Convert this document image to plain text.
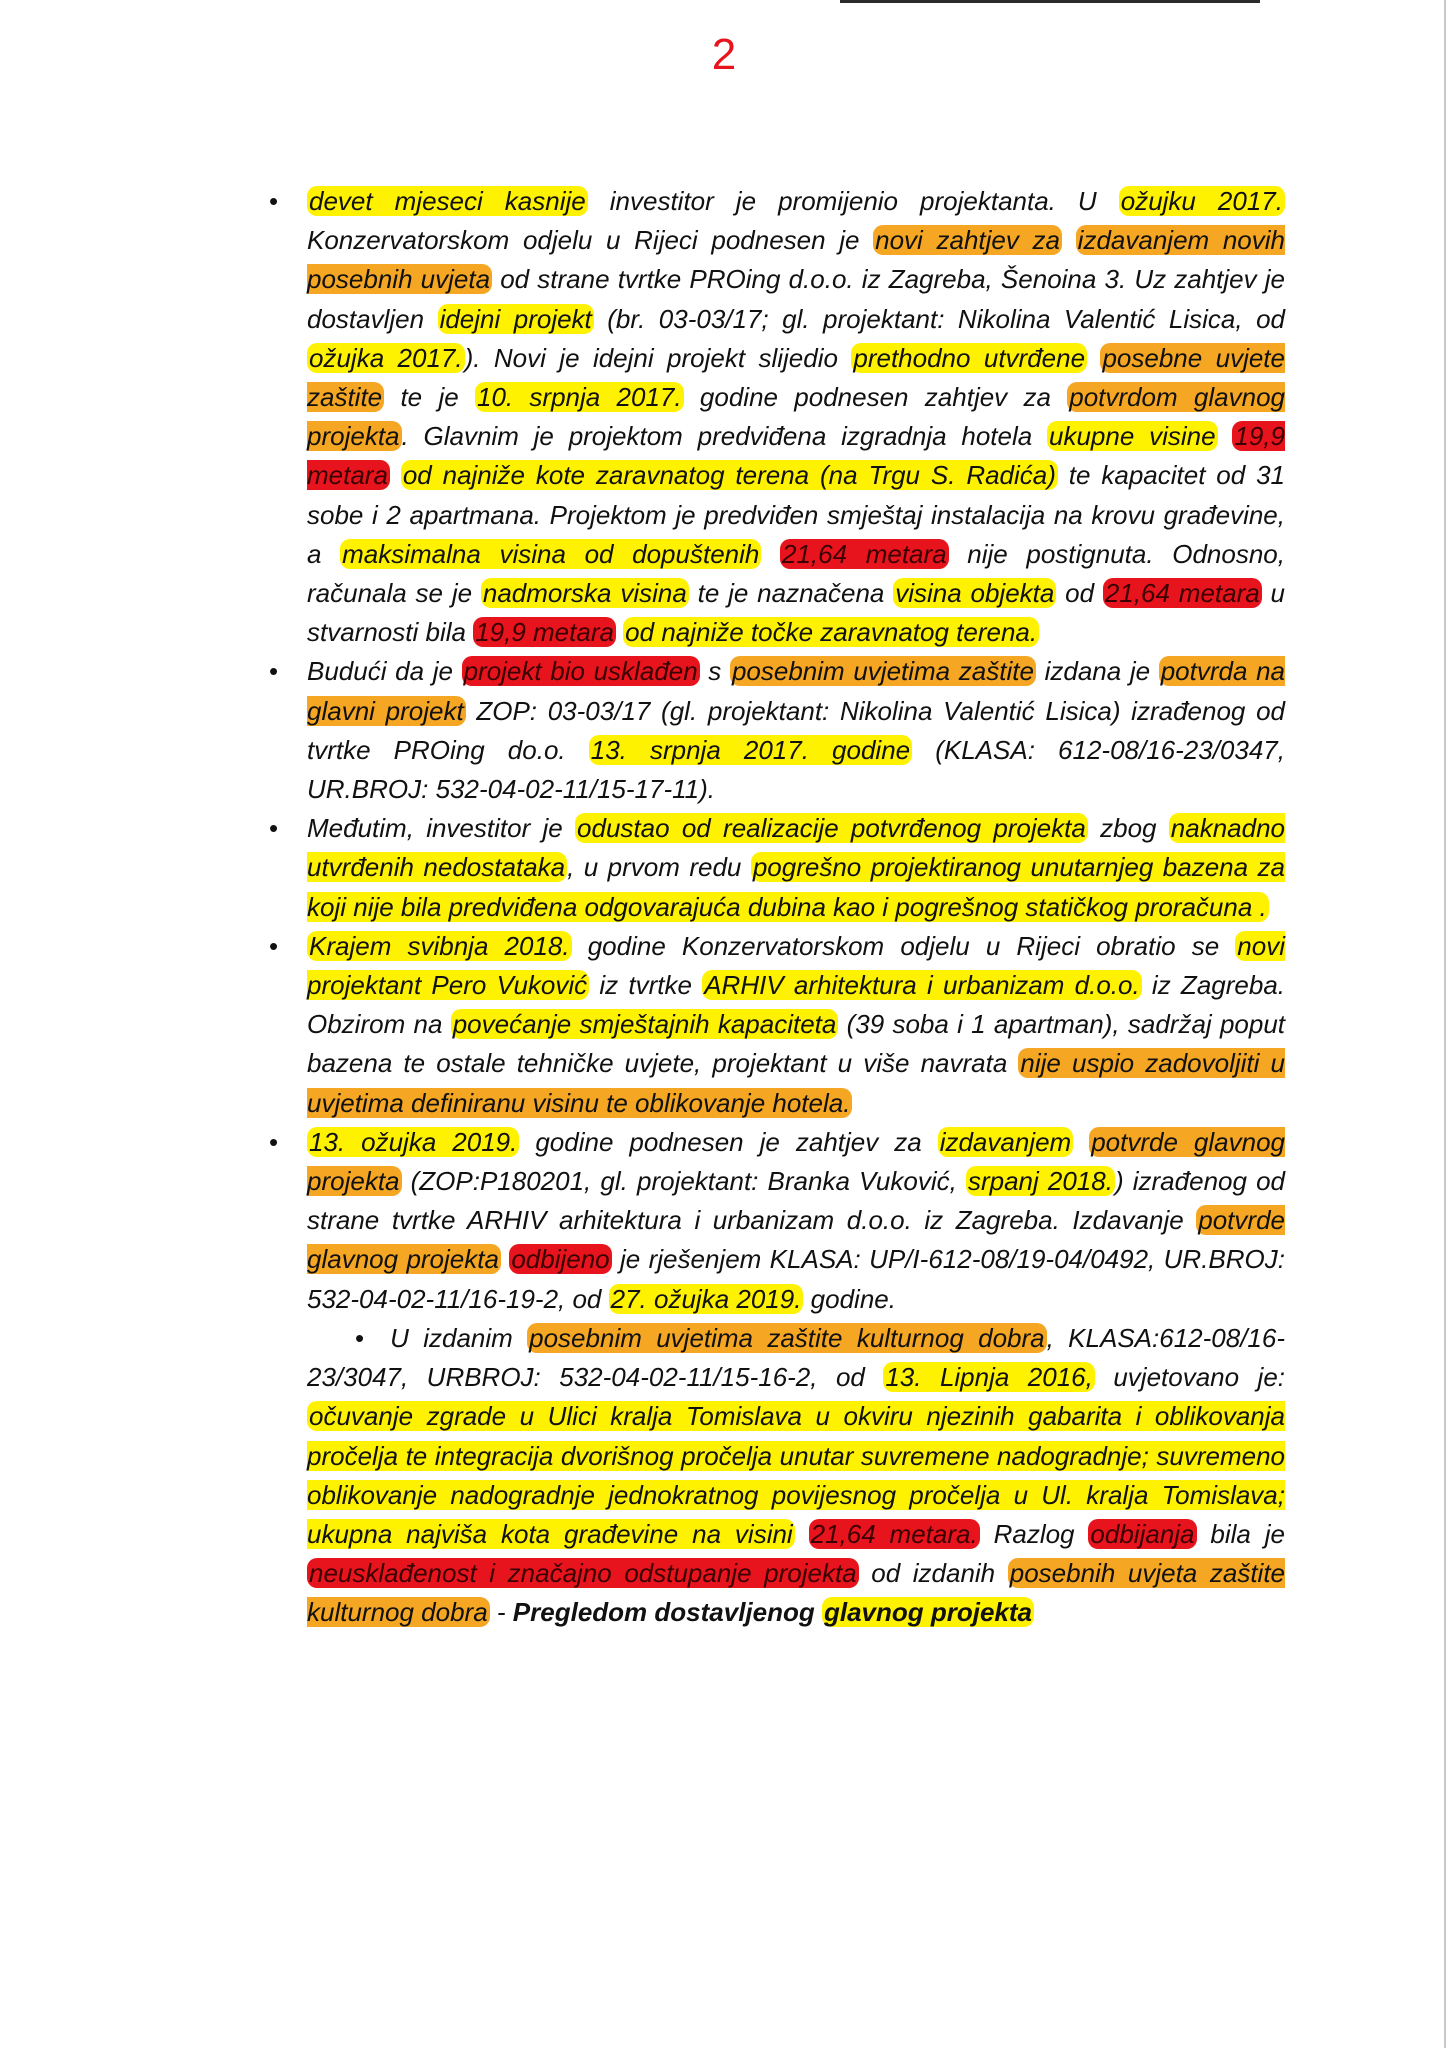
2
• devet mjeseci kasnije investitor je promijenio projektanta. U ožujku 2017. Konzervatorskom odjelu u Rijeci podnesen je novi zahtjev za izdavanjem novih posebnih uvjeta od strane tvrtke PROing d.o.o. iz Zagreba, Šenoina 3. Uz zahtjev je dostavljen idejni projekt (br. 03-03/17; gl. projektant: Nikolina Valentić Lisica, od ožujka 2017.). Novi je idejni projekt slijedio prethodno utvrđene posebne uvjete zaštite te je 10. srpnja 2017. godine podnesen zahtjev za potvrdom glavnog projekta. Glavnim je projektom predviđena izgradnja hotela ukupne visine 19,9 metara od najniže kote zaravnatog terena (na Trgu S. Radića) te kapacitet od 31 sobe i 2 apartmana. Projektom je predviđen smještaj instalacija na krovu građevine, a maksimalna visina od dopuštenih 21,64 metara nije postignuta. Odnosno, računala se je nadmorska visina te je naznačena visina objekta od 21,64 metara u stvarnosti bila 19,9 metara od najniže točke zaravnatog terena.
• Budući da je projekt bio usklađen s posebnim uvjetima zaštite izdana je potvrda na glavni projekt ZOP: 03-03/17 (gl. projektant: Nikolina Valentić Lisica) izrađenog od tvrtke PROing do.o. 13. srpnja 2017. godine (KLASA: 612-08/16-23/0347, UR.BROJ: 532-04-02-11/15-17-11).
• Međutim, investitor je odustao od realizacije potvrđenog projekta zbog naknadno utvrđenih nedostataka, u prvom redu pogrešno projektiranog unutarnjeg bazena za koji nije bila predviđena odgovarajuća dubina kao i pogrešnog statičkog proračuna .
• Krajem svibnja 2018. godine Konzervatorskom odjelu u Rijeci obratio se novi projektant Pero Vuković iz tvrtke ARHIV arhitektura i urbanizam d.o.o. iz Zagreba. Obzirom na povećanje smještajnih kapaciteta (39 soba i 1 apartman), sadržaj poput bazena te ostale tehničke uvjete, projektant u više navrata nije uspio zadovoljiti u uvjetima definiranu visinu te oblikovanje hotela.
• 13. ožujka 2019. godine podnesen je zahtjev za izdavanjem potvrde glavnog projekta (ZOP:P180201, gl. projektant: Branka Vuković, srpanj 2018.) izrađenog od strane tvrtke ARHIV arhitektura i urbanizam d.o.o. iz Zagreba. Izdavanje potvrde glavnog projekta odbijeno je rješenjem KLASA: UP/I-612-08/19-04/0492, UR.BROJ: 532-04-02-11/16-19-2, od 27. ožujka 2019. godine.
• U izdanim posebnim uvjetima zaštite kulturnog dobra, KLASA:612-08/16-23/3047, URBROJ: 532-04-02-11/15-16-2, od 13. Lipnja 2016, uvjetovano je: očuvanje zgrade u Ulici kralja Tomislava u okviru njezinih gabarita i oblikovanja pročelja te integracija dvorišnog pročelja unutar suvremene nadogradnje; suvremeno oblikovanje nadogradnje jednokratnog povijesnog pročelja u Ul. kralja Tomislava; ukupna najviša kota građevine na visini 21,64 metara. Razlog odbijanja bila je neusklađenost i značajno odstupanje projekta od izdanih posebnih uvjeta zaštite kulturnog dobra - Pregledom dostavljenog glavnog projekta
